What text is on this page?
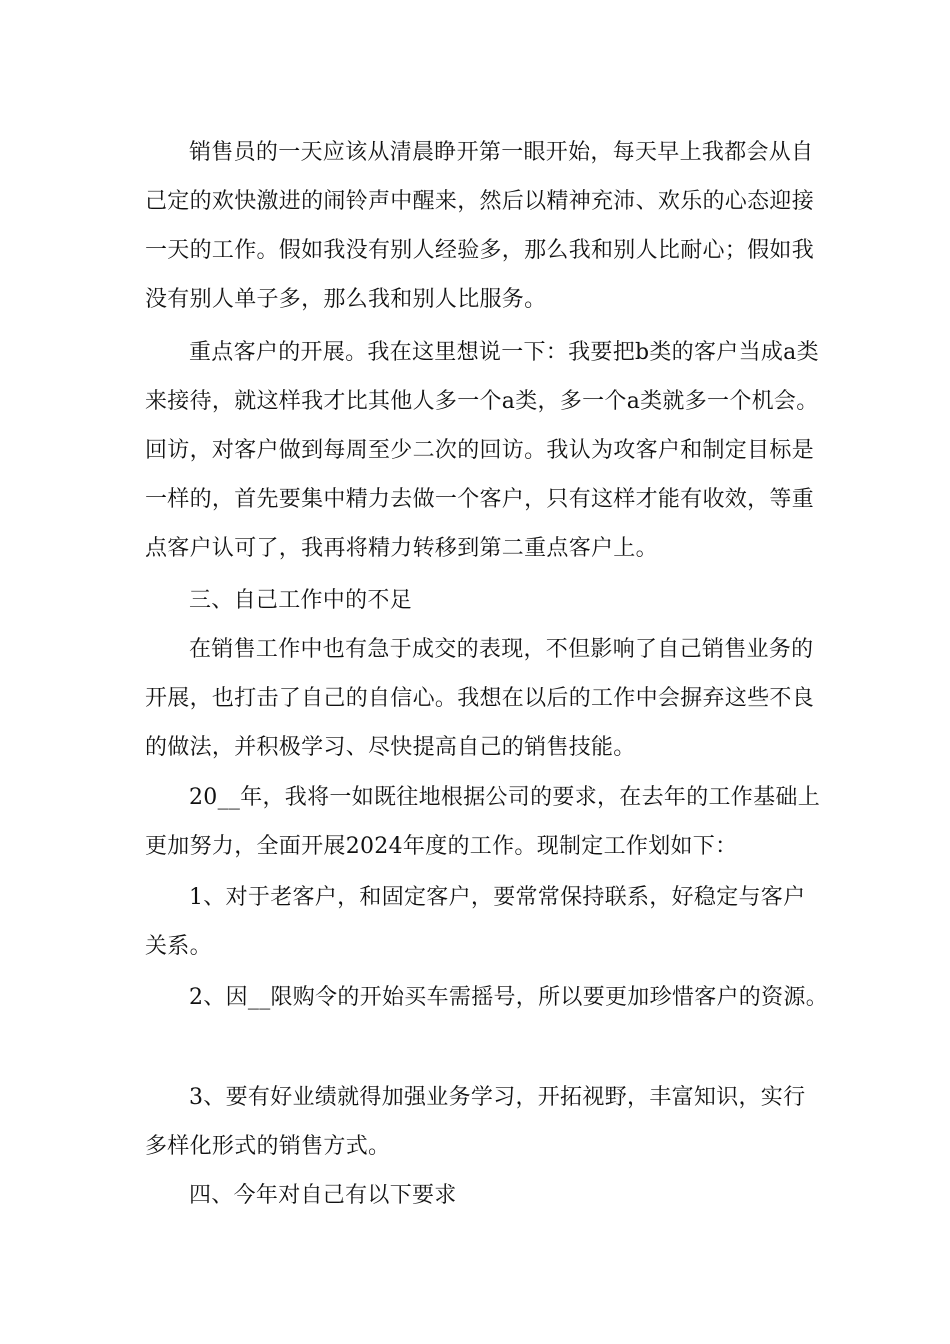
销售员的一天应该从清晨睁开第一眼开始，每天早上我都会从自己定的欢快激进的闹铃声中醒来，然后以精神充沛、欢乐的心态迎接一天的工作。假如我没有别人经验多，那么我和别人比耐心；假如我没有别人单子多，那么我和别人比服务。

重点客户的开展。我在这里想说一下：我要把b类的客户当成a类来接待，就这样我才比其他人多一个a类，多一个a类就多一个机会。回访，对客户做到每周至少二次的回访。我认为攻客户和制定目标是一样的，首先要集中精力去做一个客户，只有这样才能有收效，等重点客户认可了，我再将精力转移到第二重点客户上。

三、自己工作中的不足

在销售工作中也有急于成交的表现，不但影响了自己销售业务的开展，也打击了自己的自信心。我想在以后的工作中会摒弃这些不良的做法，并积极学习、尽快提高自己的销售技能。

20__年，我将一如既往地根据公司的要求，在去年的工作基础上更加努力，全面开展2024年度的工作。现制定工作划如下：

1、对于老客户，和固定客户，要常常保持联系，好稳定与客户关系。

2、因__限购令的开始买车需摇号，所以要更加珍惜客户的资源。

3、要有好业绩就得加强业务学习，开拓视野，丰富知识，实行多样化形式的销售方式。

四、今年对自己有以下要求
